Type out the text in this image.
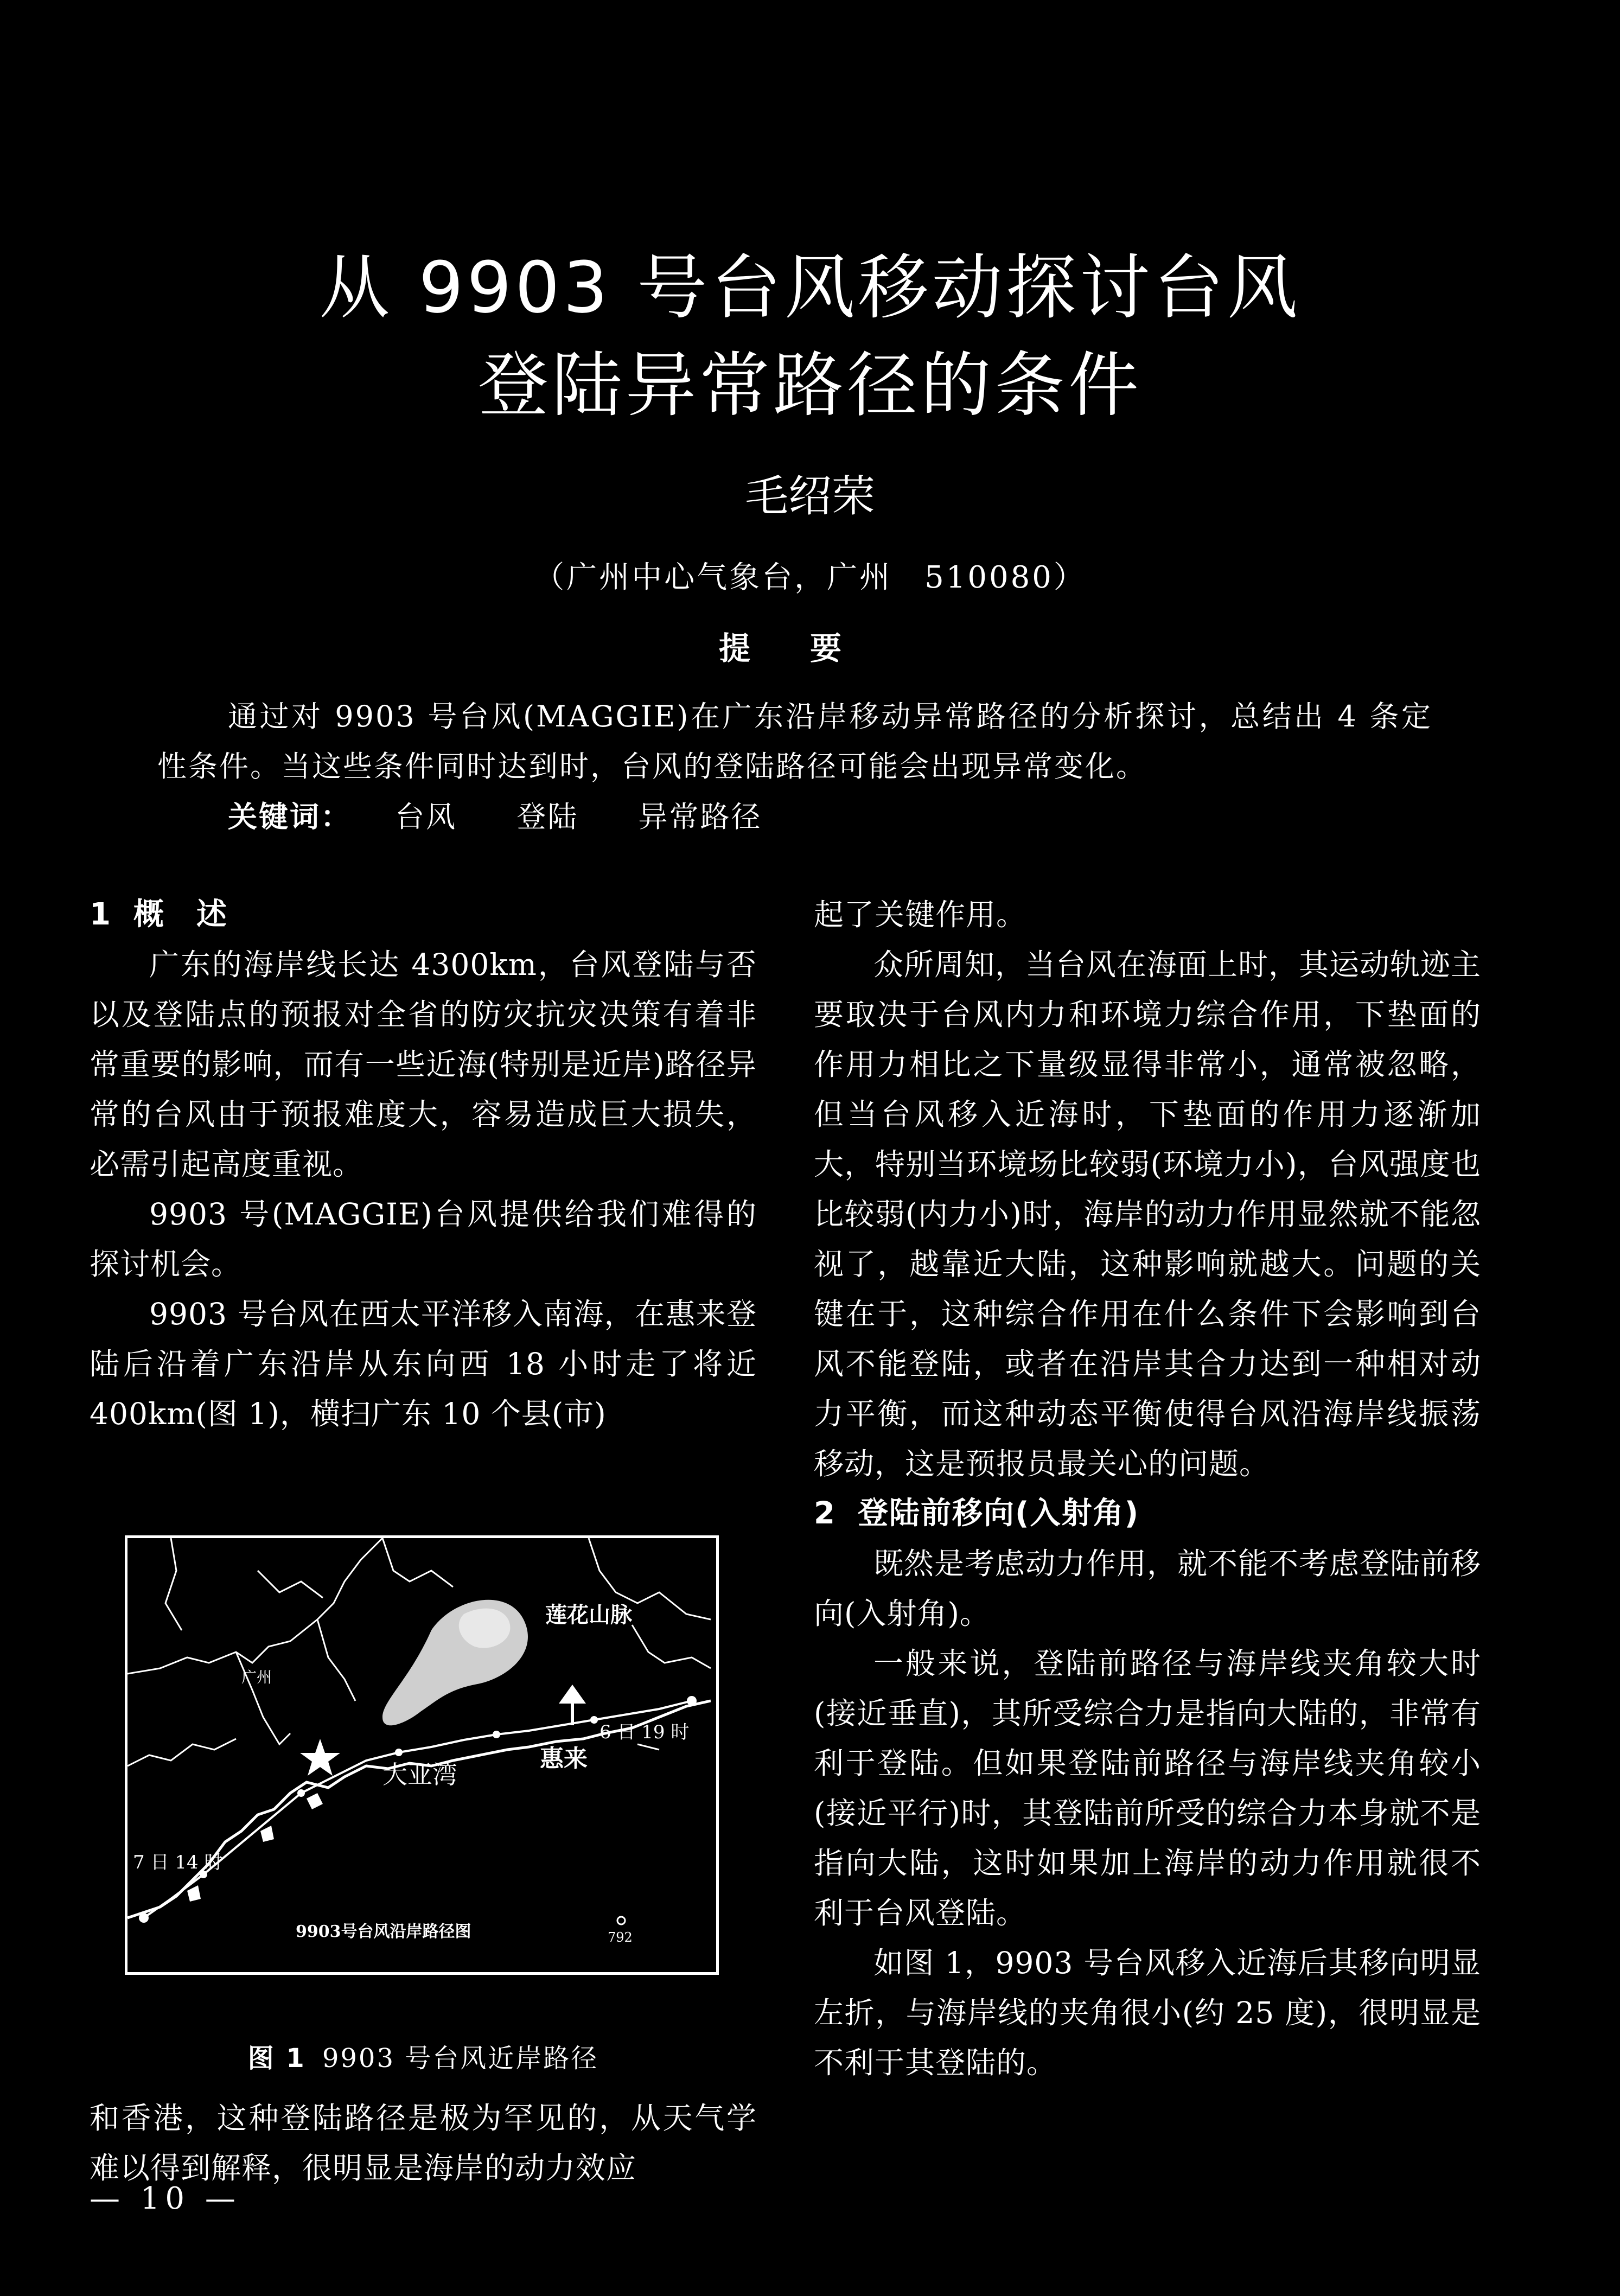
从 9903 号台风移动探讨台风
登陆异常路径的条件
毛绍荣
（广州中心气象台，广州　510080）
提要
通过对 9903 号台风(MAGGIE)在广东沿岸移动异常路径的分析探讨，总结出 4 条定性条件。当这些条件同时达到时，台风的登陆路径可能会出现异常变化。
关键词： 台风 登陆 异常路径
1 概　述

广东的海岸线长达 4300km，台风登陆与否以及登陆点的预报对全省的防灾抗灾决策有着非常重要的影响，而有一些近海(特别是近岸)路径异常的台风由于预报难度大，容易造成巨大损失，必需引起高度重视。

9903 号(MAGGIE)台风提供给我们难得的探讨机会。

9903 号台风在西太平洋移入南海，在惠来登陆后沿着广东沿岸从东向西 18 小时走了将近 400km(图 1)，横扫广东 10 个县(市)

莲花山脉
广州
大亚湾
惠来
6 日 19 时
7 日 14 时
9903号台风沿岸路径图	792
图 1 9903 号台风近岸路径

和香港，这种登陆路径是极为罕见的，从天气学难以得到解释，很明显是海岸的动力效应

起了关键作用。

众所周知，当台风在海面上时，其运动轨迹主要取决于台风内力和环境力综合作用，下垫面的作用力相比之下量级显得非常小，通常被忽略，但当台风移入近海时，下垫面的作用力逐渐加大，特别当环境场比较弱(环境力小)，台风强度也比较弱(内力小)时，海岸的动力作用显然就不能忽视了，越靠近大陆，这种影响就越大。问题的关键在于，这种综合作用在什么条件下会影响到台风不能登陆，或者在沿岸其合力达到一种相对动力平衡，而这种动态平衡使得台风沿海岸线振荡移动，这是预报员最关心的问题。

2 登陆前移向(入射角)

既然是考虑动力作用，就不能不考虑登陆前移向(入射角)。

一般来说，登陆前路径与海岸线夹角较大时(接近垂直)，其所受综合力是指向大陆的，非常有利于登陆。但如果登陆前路径与海岸线夹角较小(接近平行)时，其登陆前所受的综合力本身就不是指向大陆，这时如果加上海岸的动力作用就很不利于台风登陆。

如图 1，9903 号台风移入近海后其移向明显左折，与海岸线的夹角很小(约 25 度)，很明显是不利于其登陆的。

— 10 —
